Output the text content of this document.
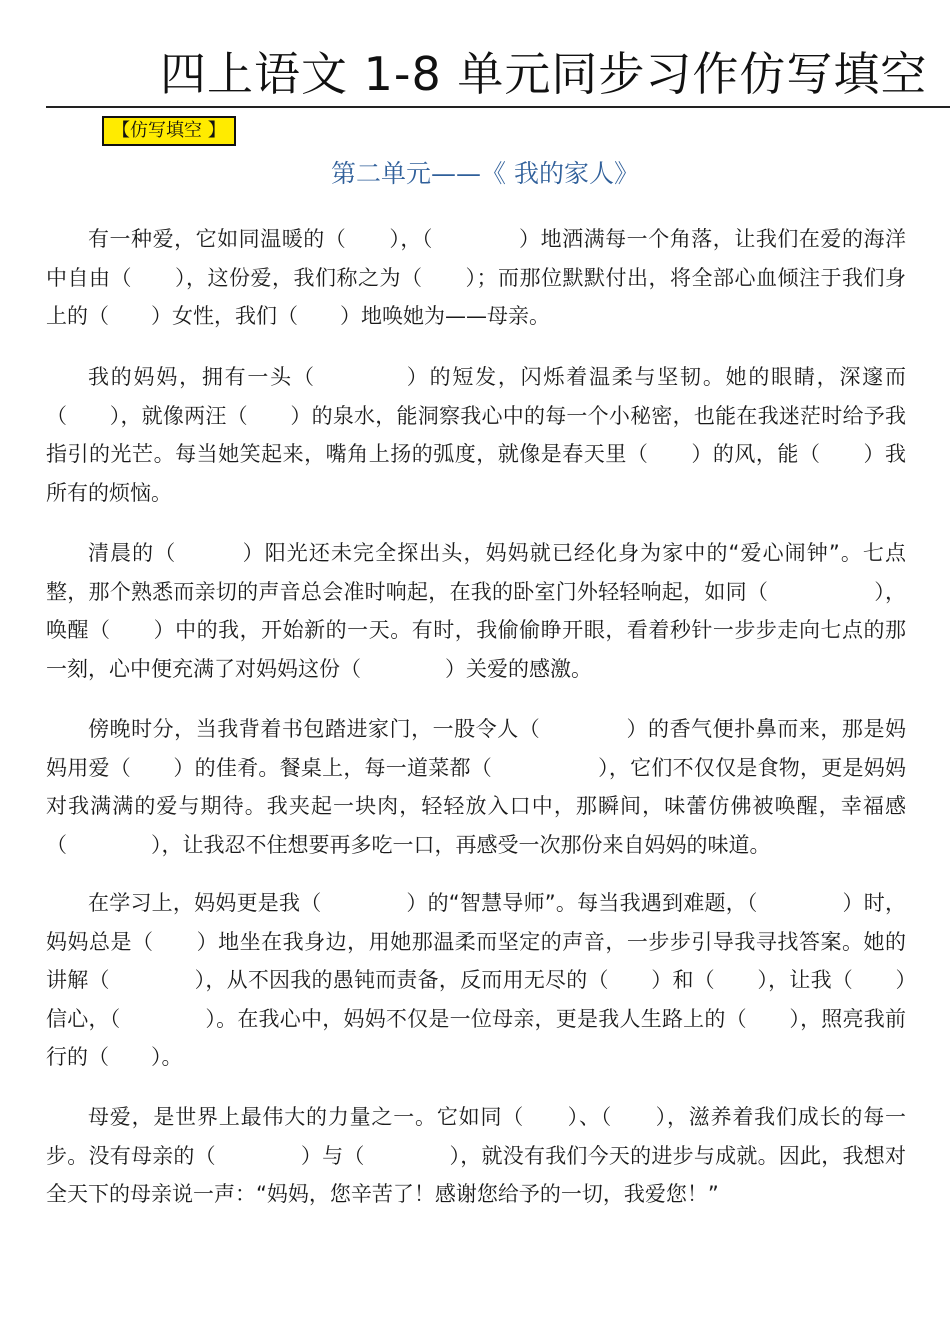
四上语文 1-8 单元同步习作仿写填空
【仿写填空 】
第二单元——《 我的家人》

有一种爱，它如同温暖的（　　），（　　　　）地洒满每一个角落，让我们在爱的海洋中自由（　　），这份爱，我们称之为（　　）；而那位默默付出，将全部心血倾注于我们身上的（　　）女性，我们（　　）地唤她为——母亲。

我的妈妈，拥有一头（　　　　）的短发，闪烁着温柔与坚韧。她的眼睛，深邃而（　　），就像两汪（　　）的泉水，能洞察我心中的每一个小秘密，也能在我迷茫时给予我指引的光芒。每当她笑起来，嘴角上扬的弧度，就像是春天里（　　）的风，能（　　）我所有的烦恼。

清晨的（　　　）阳光还未完全探出头，妈妈就已经化身为家中的“爱心闹钟”。七点整，那个熟悉而亲切的声音总会准时响起，在我的卧室门外轻轻响起，如同（　　　　　），唤醒（　　）中的我，开始新的一天。有时，我偷偷睁开眼，看着秒针一步步走向七点的那一刻，心中便充满了对妈妈这份（　　　　）关爱的感激。

傍晚时分，当我背着书包踏进家门，一股令人（　　　　）的香气便扑鼻而来，那是妈妈用爱（　　）的佳肴。餐桌上，每一道菜都（　　　　　），它们不仅仅是食物，更是妈妈对我满满的爱与期待。我夹起一块肉，轻轻放入口中，那瞬间，味蕾仿佛被唤醒，幸福感（　　　　），让我忍不住想要再多吃一口，再感受一次那份来自妈妈的味道。

在学习上，妈妈更是我（　　　　）的“智慧导师”。每当我遇到难题，（　　　　）时，妈妈总是（　　）地坐在我身边，用她那温柔而坚定的声音，一步步引导我寻找答案。她的讲解（　　　　），从不因我的愚钝而责备，反而用无尽的（　　）和（　　），让我（　　）信心，（　　　　）。在我心中，妈妈不仅是一位母亲，更是我人生路上的（　　），照亮我前行的（　　）。

母爱，是世界上最伟大的力量之一。它如同（　　）、（　　），滋养着我们成长的每一步。没有母亲的（　　　　）与（　　　　），就没有我们今天的进步与成就。因此，我想对全天下的母亲说一声：“妈妈，您辛苦了！感谢您给予的一切，我爱您！”
